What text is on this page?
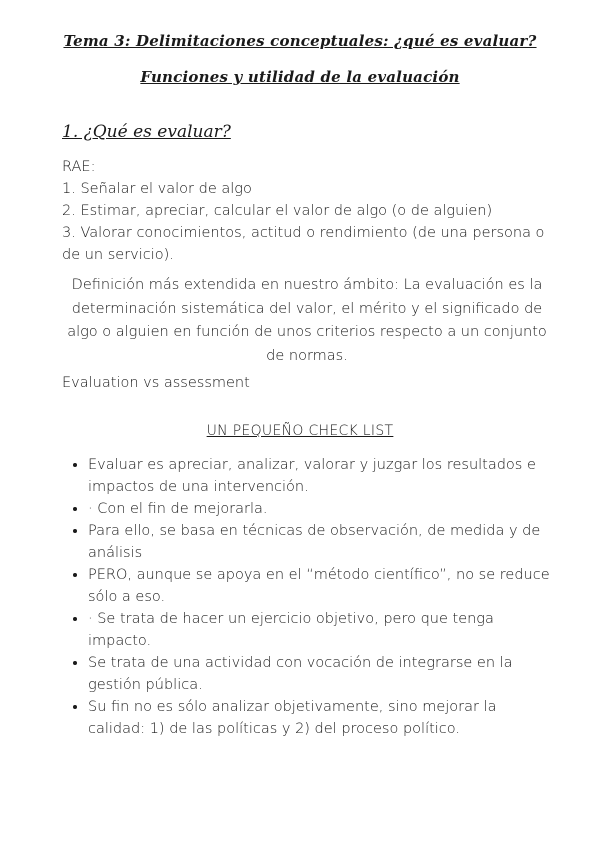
Tema 3: Delimitaciones conceptuales: ¿qué es evaluar?
Funciones y utilidad de la evaluación
1. ¿Qué es evaluar?
RAE:
1. Señalar el valor de algo
2. Estimar, apreciar, calcular el valor de algo (o de alguien)
3. Valorar conocimientos, actitud o rendimiento (de una persona o de un servicio).
Definición más extendida en nuestro ámbito: La evaluación es la determinación sistemática del valor, el mérito y el significado de algo o alguien en función de unos criterios respecto a un conjunto de normas.
Evaluation vs assessment
UN PEQUEÑO CHECK LIST
• Evaluar es apreciar, analizar, valorar y juzgar los resultados e impactos de una intervención.
• · Con el fin de mejorarla.
• Para ello, se basa en técnicas de observación, de medida y de análisis
• PERO, aunque se apoya en el “método científico”, no se reduce sólo a eso.
• · Se trata de hacer un ejercicio objetivo, pero que tenga impacto.
• Se trata de una actividad con vocación de integrarse en la gestión pública.
• Su fin no es sólo analizar objetivamente, sino mejorar la calidad: 1) de las políticas y 2) del proceso político.
